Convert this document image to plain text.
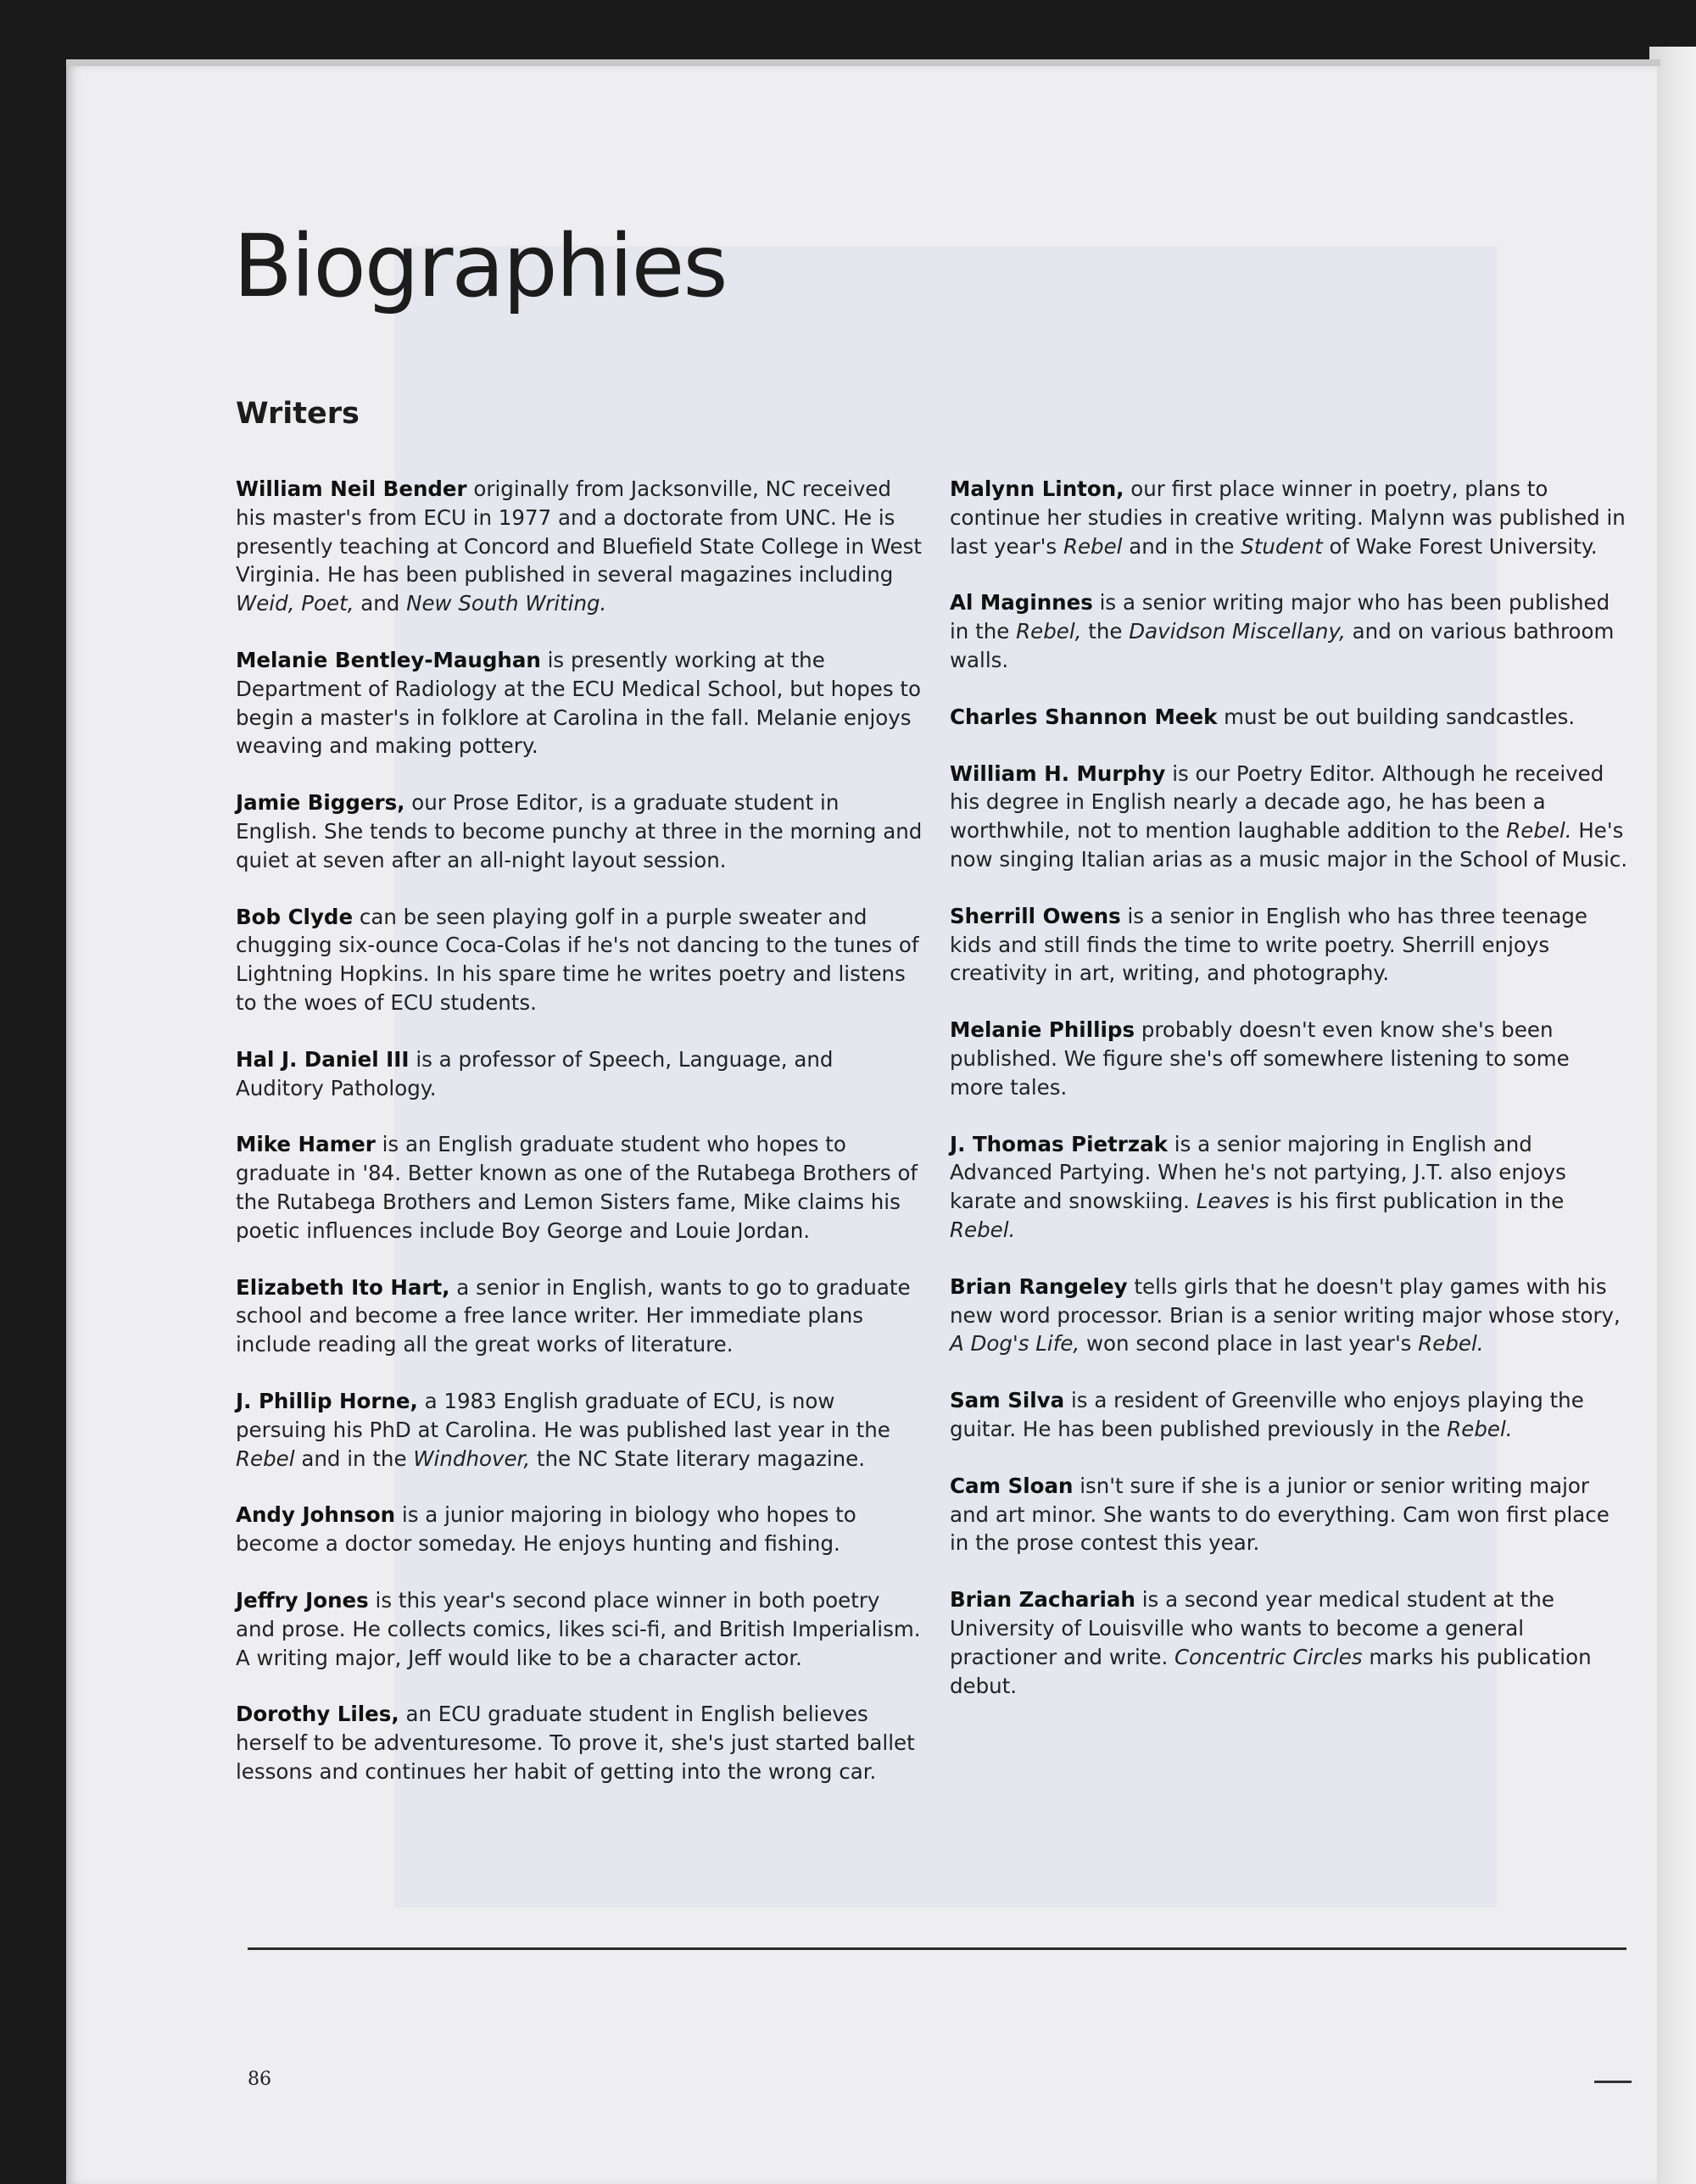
Biographies
Writers

William Neil Bender originally from Jacksonville, NC received his master's from ECU in 1977 and a doctorate from UNC. He is presently teaching at Concord and Bluefield State College in West Virginia. He has been published in several magazines including Weid, Poet, and New South Writing.

Melanie Bentley-Maughan is presently working at the Department of Radiology at the ECU Medical School, but hopes to begin a master's in folklore at Carolina in the fall. Melanie enjoys weaving and making pottery.

Jamie Biggers, our Prose Editor, is a graduate student in English. She tends to become punchy at three in the morning and quiet at seven after an all-night layout session.

Bob Clyde can be seen playing golf in a purple sweater and chugging six-ounce Coca-Colas if he's not dancing to the tunes of Lightning Hopkins. In his spare time he writes poetry and listens to the woes of ECU students.

Hal J. Daniel III is a professor of Speech, Language, and Auditory Pathology.

Mike Hamer is an English graduate student who hopes to graduate in '84. Better known as one of the Rutabega Brothers of the Rutabega Brothers and Lemon Sisters fame, Mike claims his poetic influences include Boy George and Louie Jordan.

Elizabeth Ito Hart, a senior in English, wants to go to graduate school and become a free lance writer. Her immediate plans include reading all the great works of literature.

J. Phillip Horne, a 1983 English graduate of ECU, is now persuing his PhD at Carolina. He was published last year in the Rebel and in the Windhover, the NC State literary magazine.

Andy Johnson is a junior majoring in biology who hopes to become a doctor someday. He enjoys hunting and fishing.

Jeffry Jones is this year's second place winner in both poetry and prose. He collects comics, likes sci-fi, and British Imperialism. A writing major, Jeff would like to be a character actor.

Dorothy Liles, an ECU graduate student in English believes herself to be adventuresome. To prove it, she's just started ballet lessons and continues her habit of getting into the wrong car.

Malynn Linton, our first place winner in poetry, plans to continue her studies in creative writing. Malynn was published in last year's Rebel and in the Student of Wake Forest University.

Al Maginnes is a senior writing major who has been published in the Rebel, the Davidson Miscellany, and on various bathroom walls.

Charles Shannon Meek must be out building sandcastles.

William H. Murphy is our Poetry Editor. Although he received his degree in English nearly a decade ago, he has been a worthwhile, not to mention laughable addition to the Rebel. He's now singing Italian arias as a music major in the School of Music.

Sherrill Owens is a senior in English who has three teenage kids and still finds the time to write poetry. Sherrill enjoys creativity in art, writing, and photography.

Melanie Phillips probably doesn't even know she's been published. We figure she's off somewhere listening to some more tales.

J. Thomas Pietrzak is a senior majoring in English and Advanced Partying. When he's not partying, J.T. also enjoys karate and snowskiing. Leaves is his first publication in the Rebel.

Brian Rangeley tells girls that he doesn't play games with his new word processor. Brian is a senior writing major whose story, A Dog's Life, won second place in last year's Rebel.

Sam Silva is a resident of Greenville who enjoys playing the guitar. He has been published previously in the Rebel.

Cam Sloan isn't sure if she is a junior or senior writing major and art minor. She wants to do everything. Cam won first place in the prose contest this year.

Brian Zachariah is a second year medical student at the University of Louisville who wants to become a general practioner and write. Concentric Circles marks his publication debut.

86
